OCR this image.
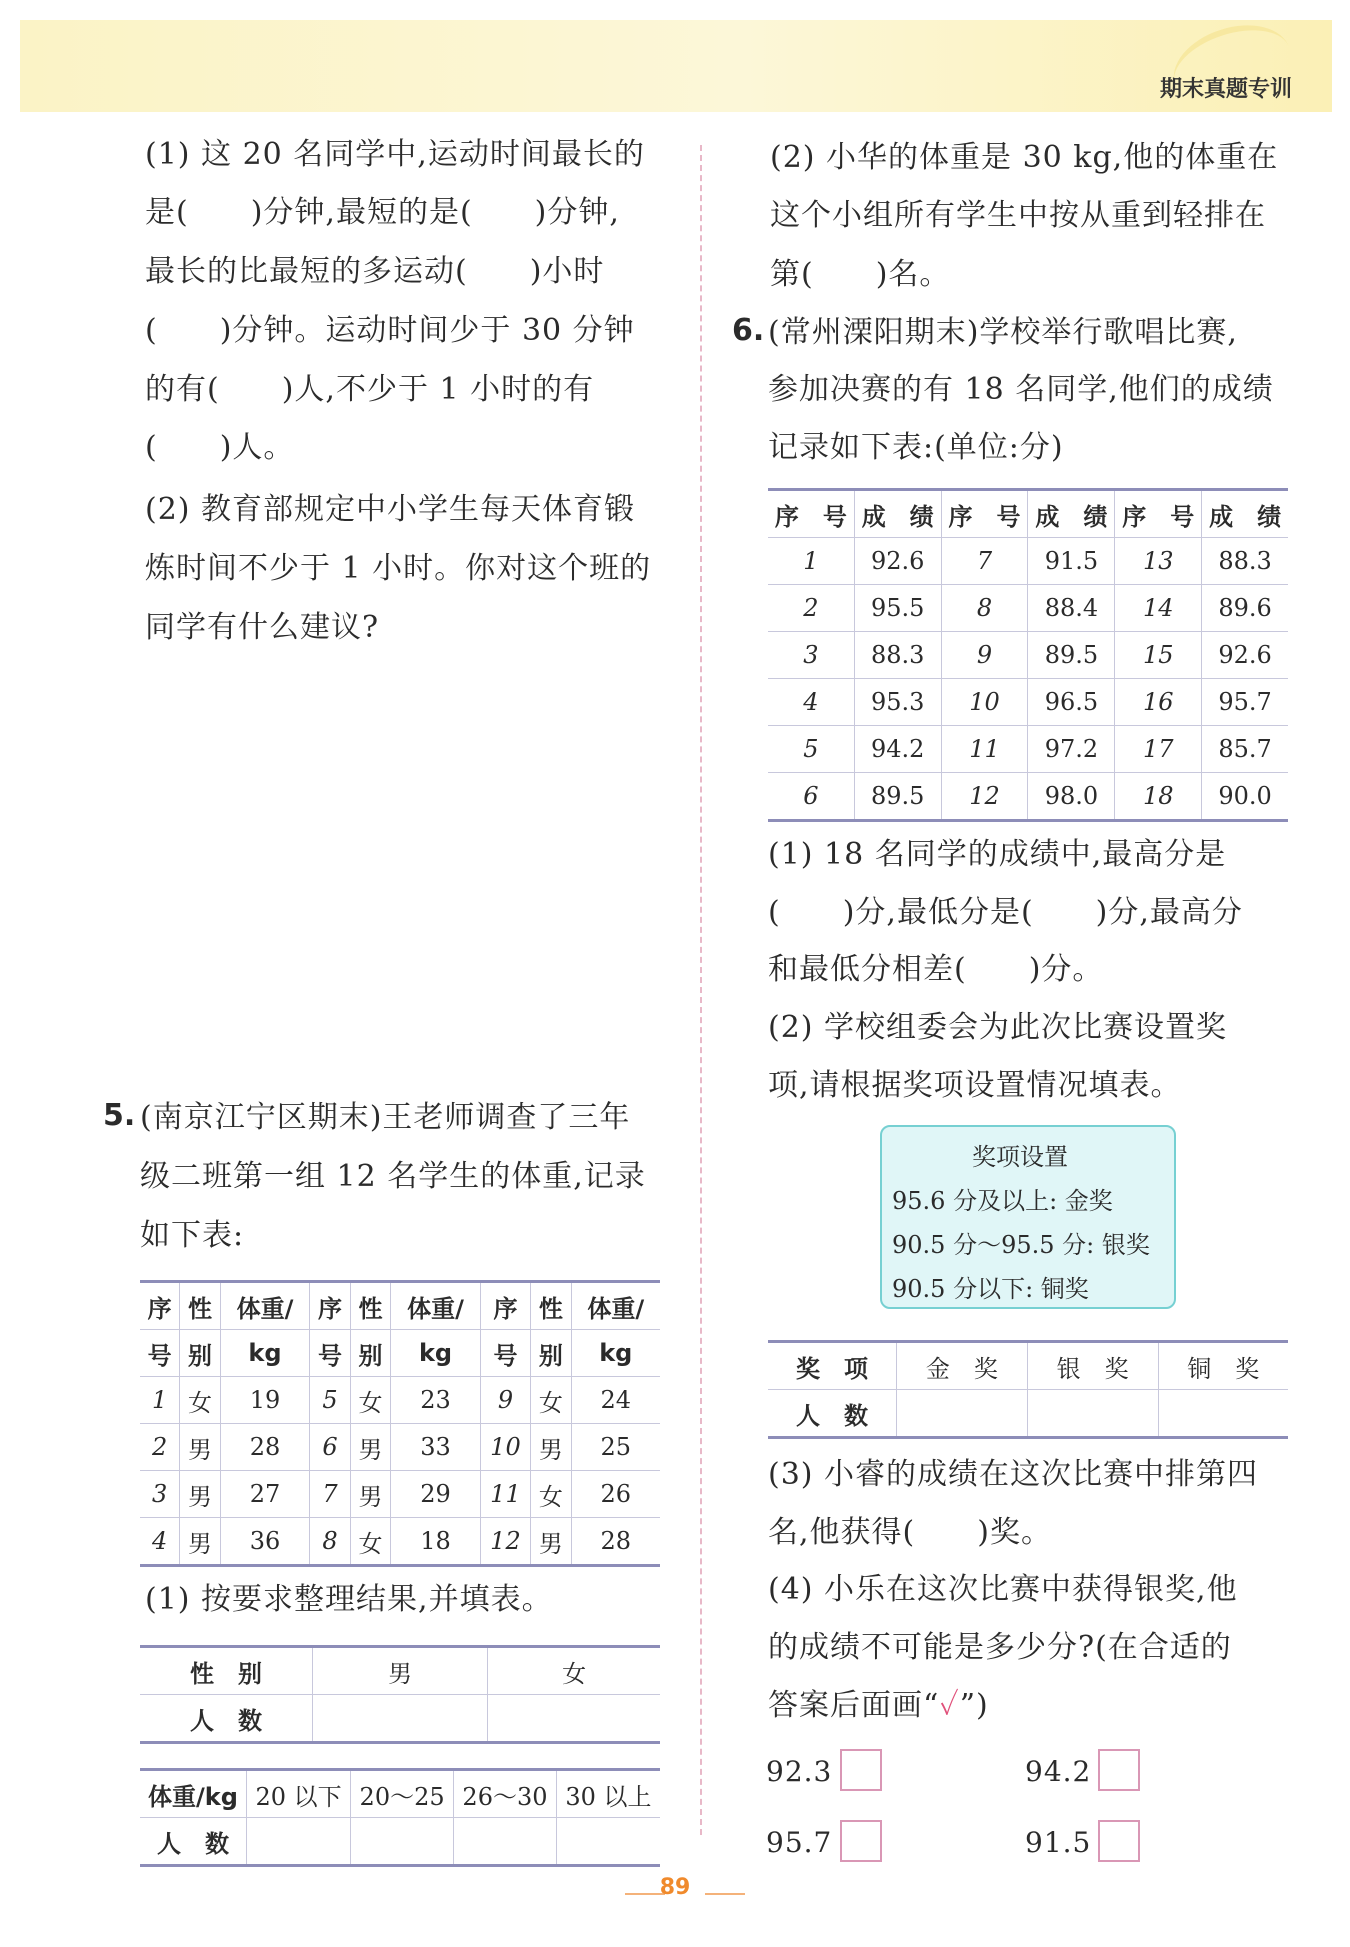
期末真题专训
(1) 这 20 名同学中,运动时间最长的
是(　　)分钟,最短的是(　　)分钟,
最长的比最短的多运动(　　)小时
(　　)分钟。运动时间少于 30 分钟
的有(　　)人,不少于 1 小时的有
(　　)人。
(2) 教育部规定中小学生每天体育锻
炼时间不少于 1 小时。你对这个班的
同学有什么建议?
5. (南京江宁区期末)王老师调查了三年
级二班第一组 12 名学生的体重,记录
如下表:
序	性	体重/	序	性	体重/	序	性	体重/
号	别	kg	号	别	kg	号	别	kg
1	女	19	5	女	23	9	女	24
2	男	28	6	男	33	10	男	25
3	男	27	7	男	29	11	女	26
4	男	36	8	女	18	12	男	28
(1) 按要求整理结果,并填表。
性　别	男	女
人　数		
体重/kg	20 以下	20～25	26～30	30 以上
人　数				
(2) 小华的体重是 30 kg,他的体重在
这个小组所有学生中按从重到轻排在
第(　　)名。
6. (常州溧阳期末)学校举行歌唱比赛,
参加决赛的有 18 名同学,他们的成绩
记录如下表:(单位:分)
序　号	成　绩	序　号	成　绩	序　号	成　绩
1	92.6	7	91.5	13	88.3
2	95.5	8	88.4	14	89.6
3	88.3	9	89.5	15	92.6
4	95.3	10	96.5	16	95.7
5	94.2	11	97.2	17	85.7
6	89.5	12	98.0	18	90.0
(1) 18 名同学的成绩中,最高分是
(　　)分,最低分是(　　)分,最高分
和最低分相差(　　)分。
(2) 学校组委会为此次比赛设置奖
项,请根据奖项设置情况填表。
奖项设置
95.6 分及以上: 金奖
90.5 分～95.5 分: 银奖
90.5 分以下: 铜奖
奖　项	金　奖	银　奖	铜　奖
人　数			
(3) 小睿的成绩在这次比赛中排第四
名,他获得(　　)奖。
(4) 小乐在这次比赛中获得银奖,他
的成绩不可能是多少分?(在合适的
答案后面画“✓”)
92.3	94.2
95.7	91.5
89
